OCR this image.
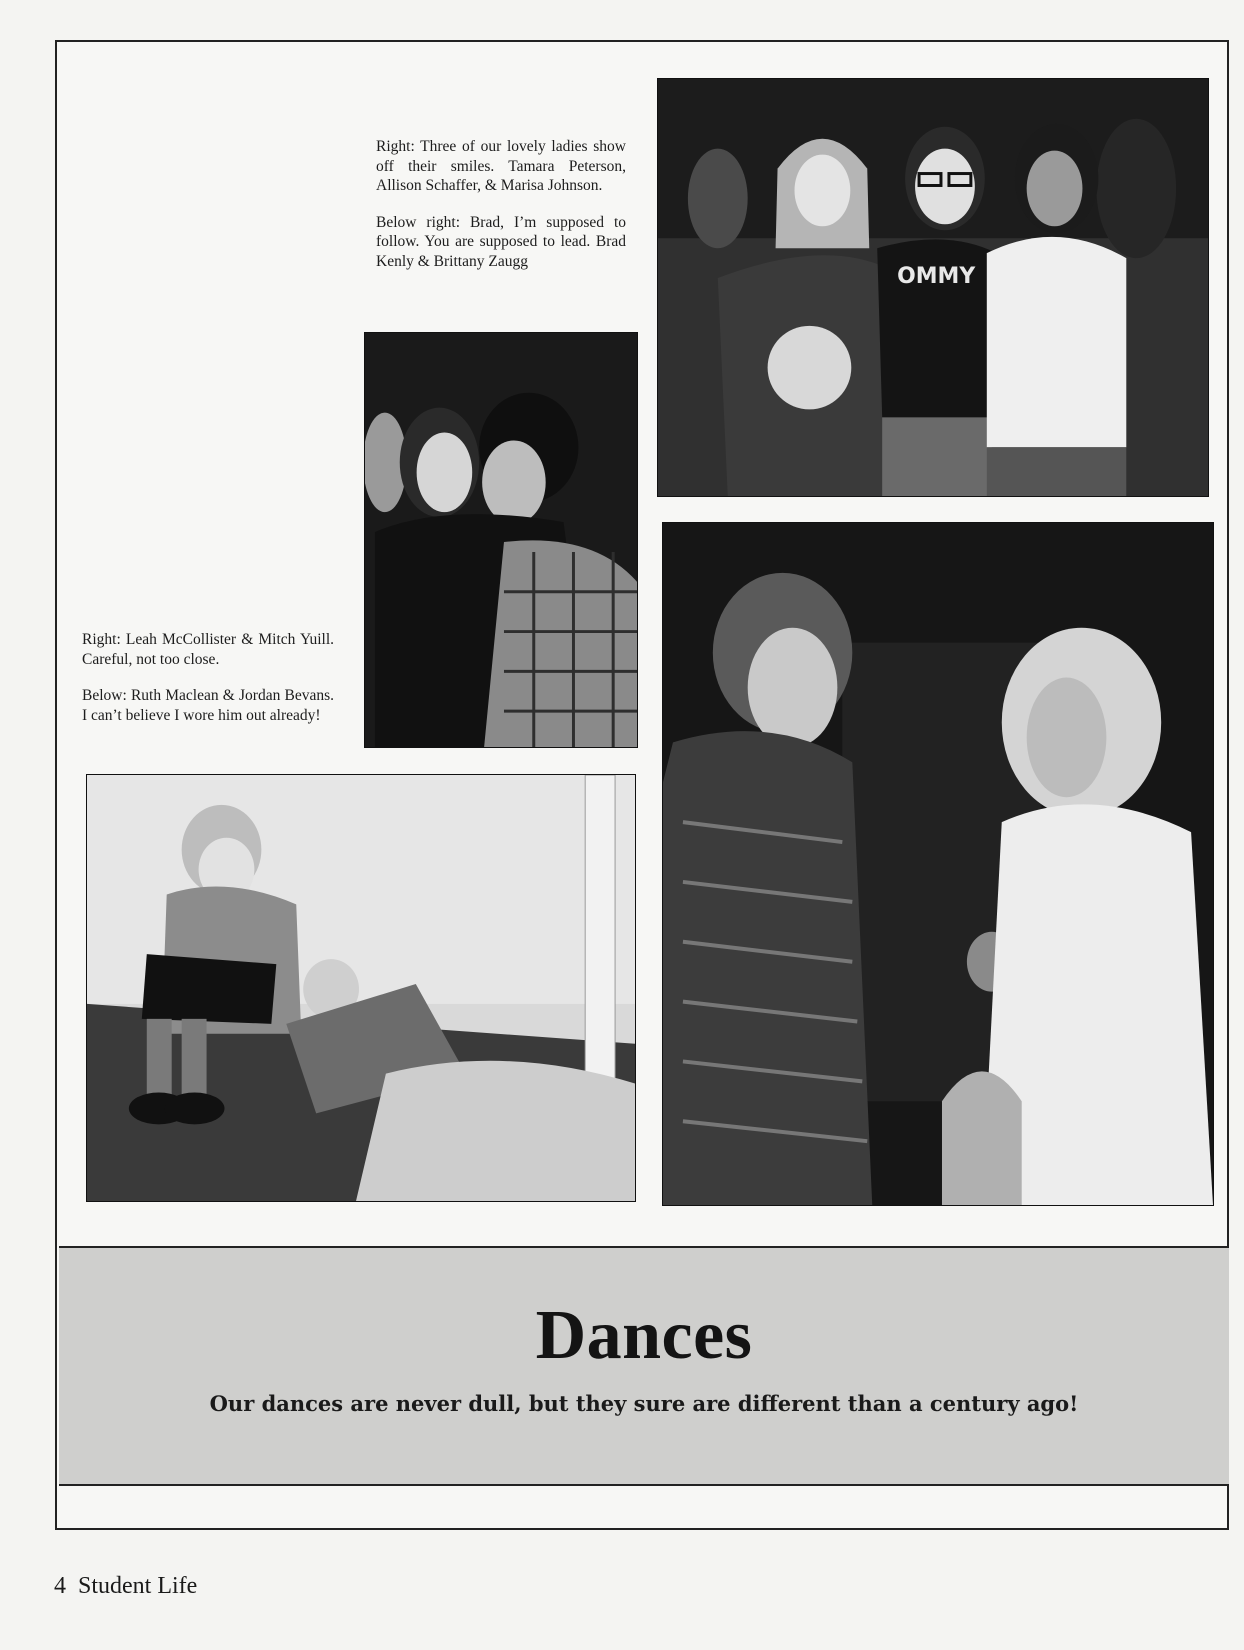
Right: Three of our lovely ladies show off their smiles. Tamara Peterson, Allison Schaffer, & Marisa Johnson.

Below right: Brad, I’m supposed to follow. You are supposed to lead. Brad Kenly & Brittany Zaugg

Right: Leah McCollister & Mitch Yuill. Careful, not too close.

Below: Ruth Maclean & Jordan Bevans. I can’t believe I wore him out already!

OMMY
Dances
Our dances are never dull, but they sure are different than a century ago!
4 Student Life
